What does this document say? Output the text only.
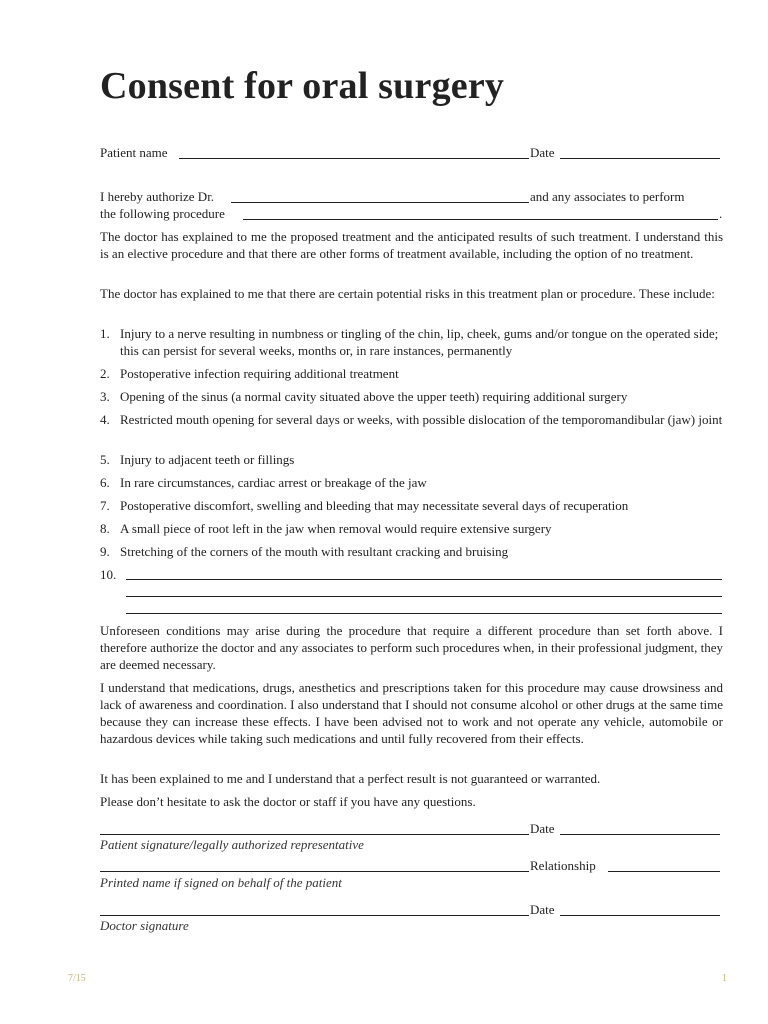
Consent for oral surgery
Patient name	Date
I hereby authorize Dr.	and any associates to perform
the following procedure	.

The doctor has explained to me the proposed treatment and the anticipated results of such treatment. I understand this is an elective procedure and that there are other forms of treatment available, including the option of no treatment.

The doctor has explained to me that there are certain potential risks in this treatment plan or procedure. These include:

1. Injury to a nerve resulting in numbness or tingling of the chin, lip, cheek, gums and/or tongue on the operated side; this can persist for several weeks, months or, in rare instances, permanently
2. Postoperative infection requiring additional treatment
3. Opening of the sinus (a normal cavity situated above the upper teeth) requiring additional surgery
4. Restricted mouth opening for several days or weeks, with possible dislocation of the temporomandibular (jaw) joint
5. Injury to adjacent teeth or fillings
6. In rare circumstances, cardiac arrest or breakage of the jaw
7. Postoperative discomfort, swelling and bleeding that may necessitate several days of recuperation
8. A small piece of root left in the jaw when removal would require extensive surgery
9. Stretching of the corners of the mouth with resultant cracking and bruising
10.

Unforeseen conditions may arise during the procedure that require a different procedure than set forth above. I therefore authorize the doctor and any associates to perform such procedures when, in their professional judgment, they are deemed necessary.

I understand that medications, drugs, anesthetics and prescriptions taken for this procedure may cause drowsiness and lack of awareness and coordination. I also understand that I should not consume alcohol or other drugs at the same time because they can increase these effects. I have been advised not to work and not operate any vehicle, automobile or hazardous devices while taking such medications and until fully recovered from their effects.

It has been explained to me and I understand that a perfect result is not guaranteed or warranted.

Please don’t hesitate to ask the doctor or staff if you have any questions.

Date
Patient signature/legally authorized representative
Relationship
Printed name if signed on behalf of the patient
Date
Doctor signature
7/15	1
